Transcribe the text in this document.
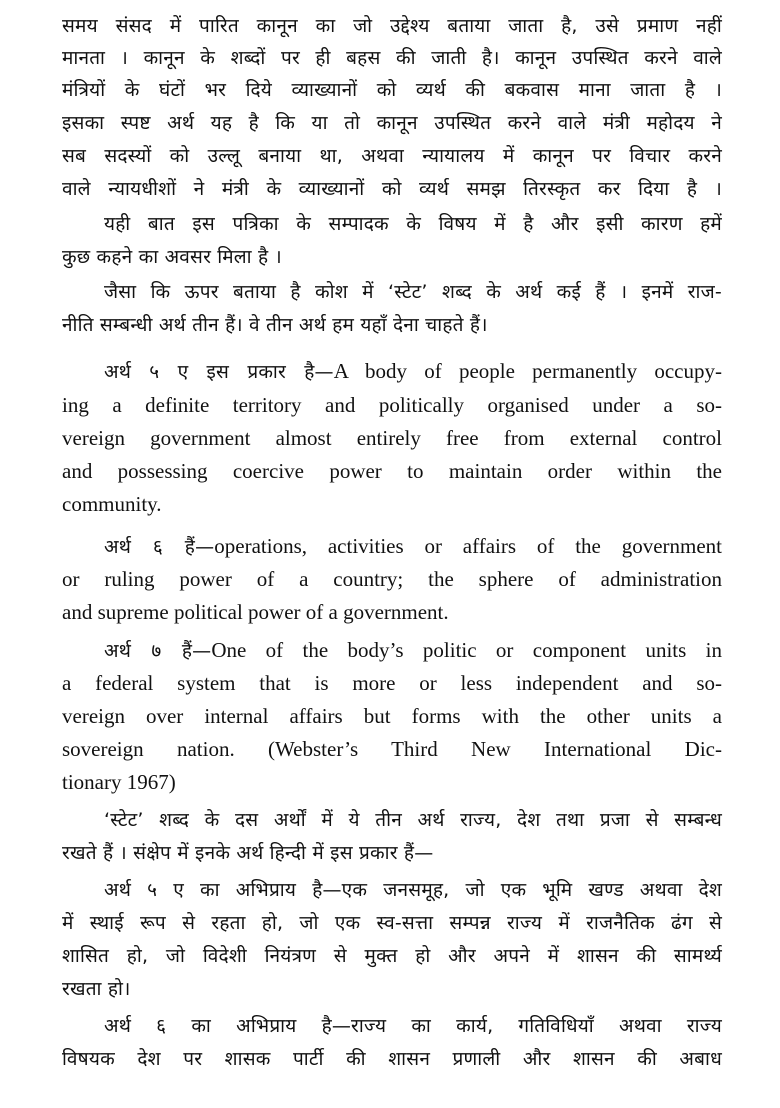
समय संसद में पारित कानून का जो उद्देश्य बताया जाता है, उसे प्रमाण नहीं
मानता । कानून के शब्दों पर ही बहस की जाती है। कानून उपस्थित करने वाले
मंत्रियों के घंटों भर दिये व्याख्यानों को व्यर्थ की बकवास माना जाता है ।
इसका स्पष्ट अर्थ यह है कि या तो कानून उपस्थित करने वाले मंत्री महोदय ने
सब सदस्यों को उल्लू बनाया था, अथवा न्यायालय में कानून पर विचार करने
वाले न्यायधीशों ने मंत्री के व्याख्यानों को व्यर्थ समझ तिरस्कृत कर दिया है ।
यही बात इस पत्रिका के सम्पादक के विषय में है और इसी कारण हमें
कुछ कहने का अवसर मिला है ।
जैसा कि ऊपर बताया है कोश में ‘स्टेट’ शब्द के अर्थ कई हैं । इनमें राज-
नीति सम्बन्धी अर्थ तीन हैं। वे तीन अर्थ हम यहाँ देना चाहते हैं।
अर्थ ५ ए इस प्रकार है—A body of people permanently occupy-
ing a definite territory and politically organised under a so-
vereign government almost entirely free from external control
and possessing coercive power to maintain order within the
community.
अर्थ ६ हैं—operations, activities or affairs of the government
or ruling power of a country; the sphere of administration
and supreme political power of a government.
अर्थ ७ हैं—One of the body’s politic or component units in
a federal system that is more or less independent and so-
vereign over internal affairs but forms with the other units a
sovereign nation. (Webster’s Third New International Dic-
tionary 1967)
‘स्टेट’ शब्द के दस अर्थों में ये तीन अर्थ राज्य, देश तथा प्रजा से सम्बन्ध
रखते हैं । संक्षेप में इनके अर्थ हिन्दी में इस प्रकार हैं—
अर्थ ५ ए का अभिप्राय है—एक जनसमूह, जो एक भूमि खण्ड अथवा देश
में स्थाई रूप से रहता हो, जो एक स्व-सत्ता सम्पन्न राज्य में राजनैतिक ढंग से
शासित हो, जो विदेशी नियंत्रण से मुक्त हो और अपने में शासन की सामर्थ्य
रखता हो।
अर्थ ६ का अभिप्राय है—राज्य का कार्य, गतिविधियाँ अथवा राज्य
विषयक देश पर शासक पार्टी की शासन प्रणाली और शासन की अबाध
